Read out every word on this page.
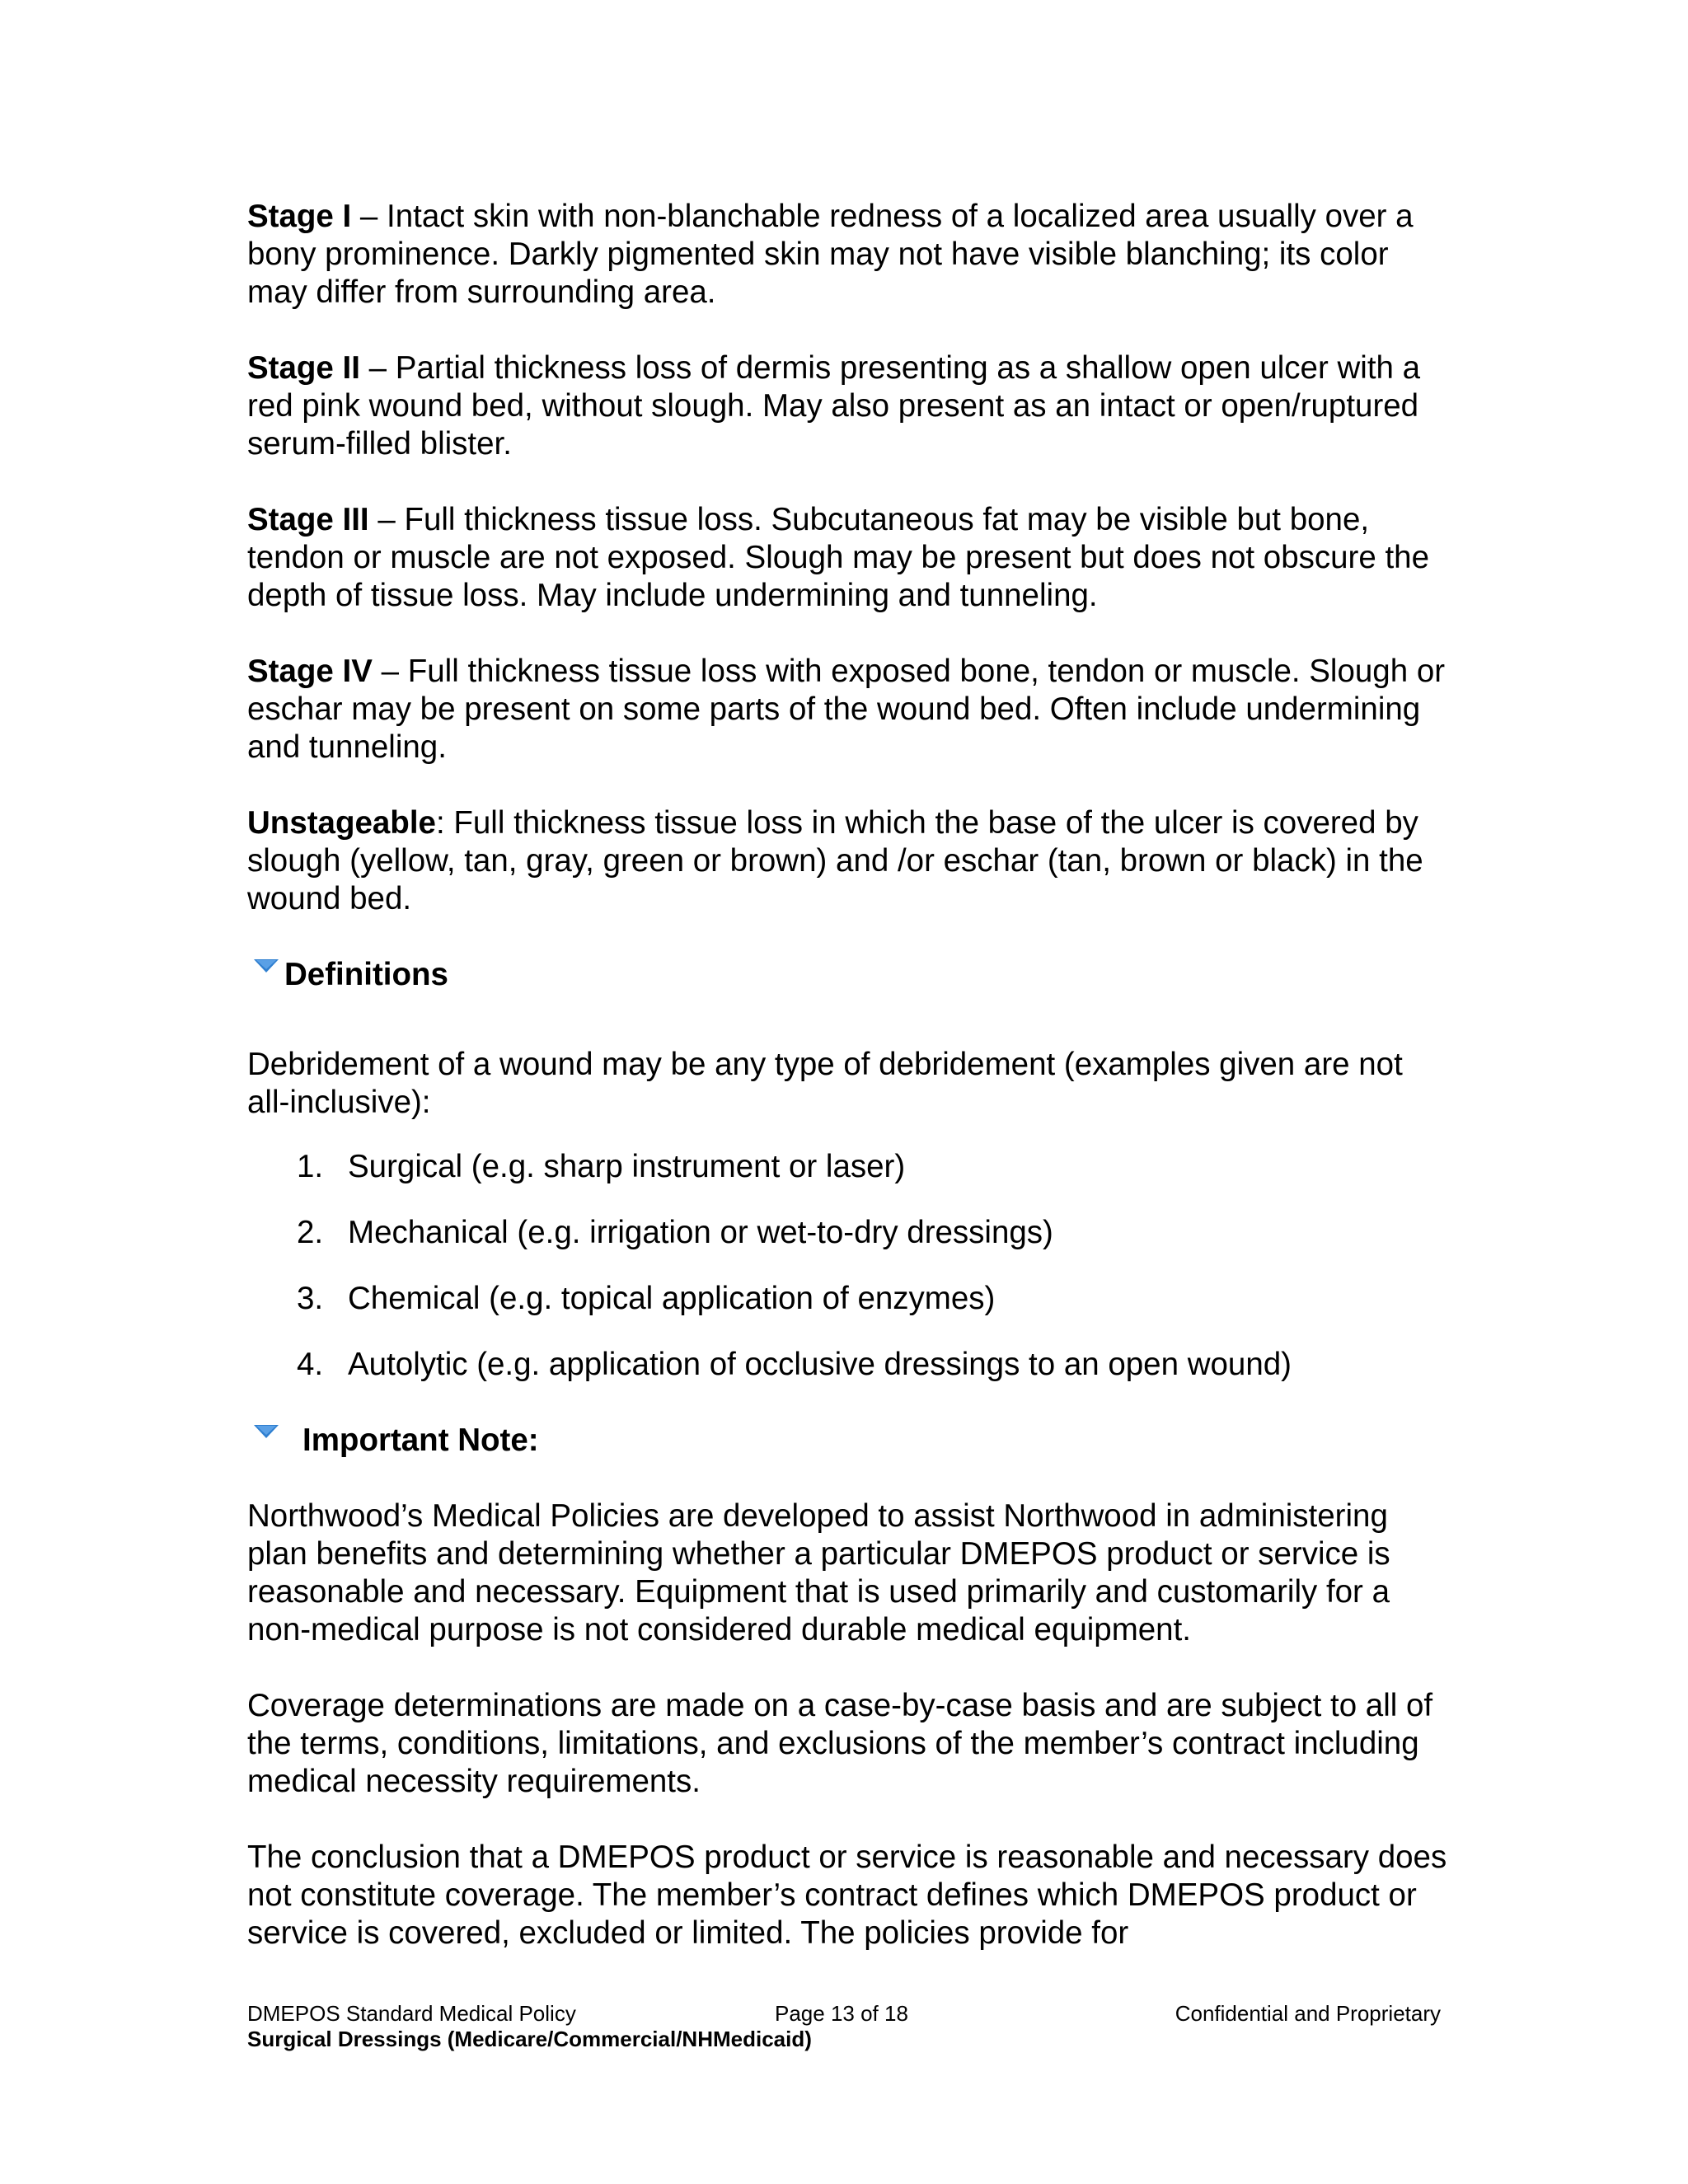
Stage I – Intact skin with non-blanchable redness of a localized area usually over a bony prominence. Darkly pigmented skin may not have visible blanching; its color may differ from surrounding area.

Stage II – Partial thickness loss of dermis presenting as a shallow open ulcer with a red pink wound bed, without slough. May also present as an intact or open/ruptured serum-filled blister.

Stage III – Full thickness tissue loss. Subcutaneous fat may be visible but bone, tendon or muscle are not exposed. Slough may be present but does not obscure the depth of tissue loss. May include undermining and tunneling.

Stage IV – Full thickness tissue loss with exposed bone, tendon or muscle. Slough or eschar may be present on some parts of the wound bed. Often include undermining and tunneling.

Unstageable: Full thickness tissue loss in which the base of the ulcer is covered by slough (yellow, tan, gray, green or brown) and /or eschar (tan, brown or black) in the wound bed.

Definitions

Debridement of a wound may be any type of debridement (examples given are not all-inclusive):

1. Surgical (e.g. sharp instrument or laser)
2. Mechanical (e.g. irrigation or wet-to-dry dressings)
3. Chemical (e.g. topical application of enzymes)
4. Autolytic (e.g. application of occlusive dressings to an open wound)
Important Note:

Northwood’s Medical Policies are developed to assist Northwood in administering plan benefits and determining whether a particular DMEPOS product or service is reasonable and necessary. Equipment that is used primarily and customarily for a non-medical purpose is not considered durable medical equipment.

Coverage determinations are made on a case-by-case basis and are subject to all of the terms, conditions, limitations, and exclusions of the member’s contract including medical necessity requirements.

The conclusion that a DMEPOS product or service is reasonable and necessary does not constitute coverage. The member’s contract defines which DMEPOS product or service is covered, excluded or limited. The policies provide for

DMEPOS Standard Medical Policy	Page 13 of 18	Confidential and Proprietary
Surgical Dressings (Medicare/Commercial/NHMedicaid)
